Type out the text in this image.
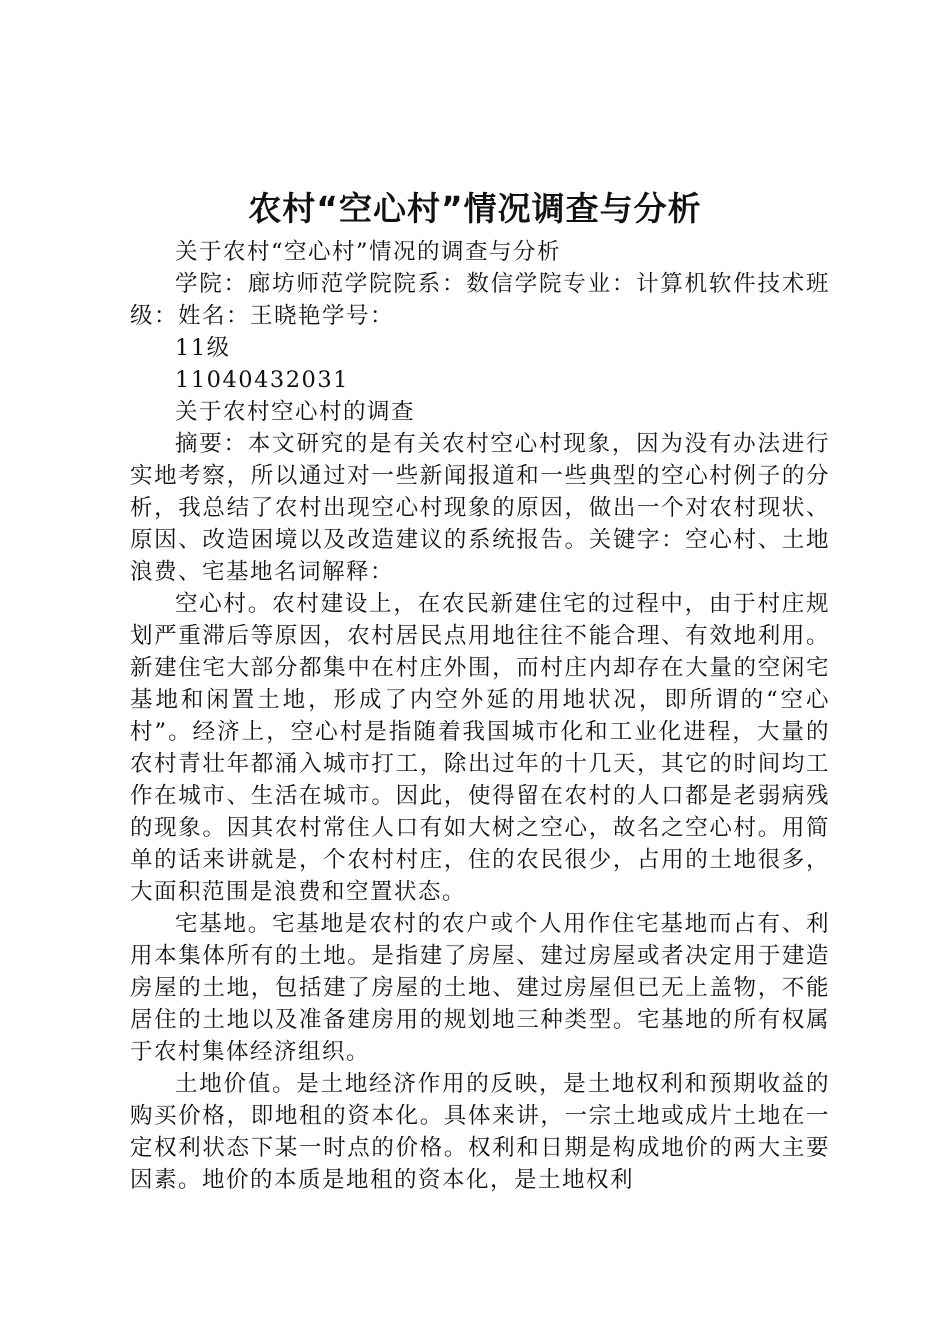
农村“空心村”情况调查与分析

关于农村“空心村”情况的调查与分析

学院：廊坊师范学院院系：数信学院专业：计算机软件技术班级：姓名：王晓艳学号：

11级

11040432031

关于农村空心村的调查

摘要：本文研究的是有关农村空心村现象，因为没有办法进行实地考察，所以通过对一些新闻报道和一些典型的空心村例子的分析，我总结了农村出现空心村现象的原因，做出一个对农村现状、原因、改造困境以及改造建议的系统报告。关键字：空心村、土地浪费、宅基地名词解释：

空心村。农村建设上，在农民新建住宅的过程中，由于村庄规划严重滞后等原因，农村居民点用地往往不能合理、有效地利用。新建住宅大部分都集中在村庄外围，而村庄内却存在大量的空闲宅基地和闲置土地，形成了内空外延的用地状况，即所谓的“空心村”。经济上，空心村是指随着我国城市化和工业化进程，大量的农村青壮年都涌入城市打工，除出过年的十几天，其它的时间均工作在城市、生活在城市。因此，使得留在农村的人口都是老弱病残的现象。因其农村常住人口有如大树之空心，故名之空心村。用简单的话来讲就是，个农村村庄，住的农民很少，占用的土地很多，大面积范围是浪费和空置状态。

宅基地。宅基地是农村的农户或个人用作住宅基地而占有、利用本集体所有的土地。是指建了房屋、建过房屋或者决定用于建造房屋的土地，包括建了房屋的土地、建过房屋但已无上盖物，不能居住的土地以及准备建房用的规划地三种类型。宅基地的所有权属于农村集体经济组织。

土地价值。是土地经济作用的反映，是土地权利和预期收益的购买价格，即地租的资本化。具体来讲，一宗土地或成片土地在一定权利状态下某一时点的价格。权利和日期是构成地价的两大主要因素。地价的本质是地租的资本化，是土地权利
